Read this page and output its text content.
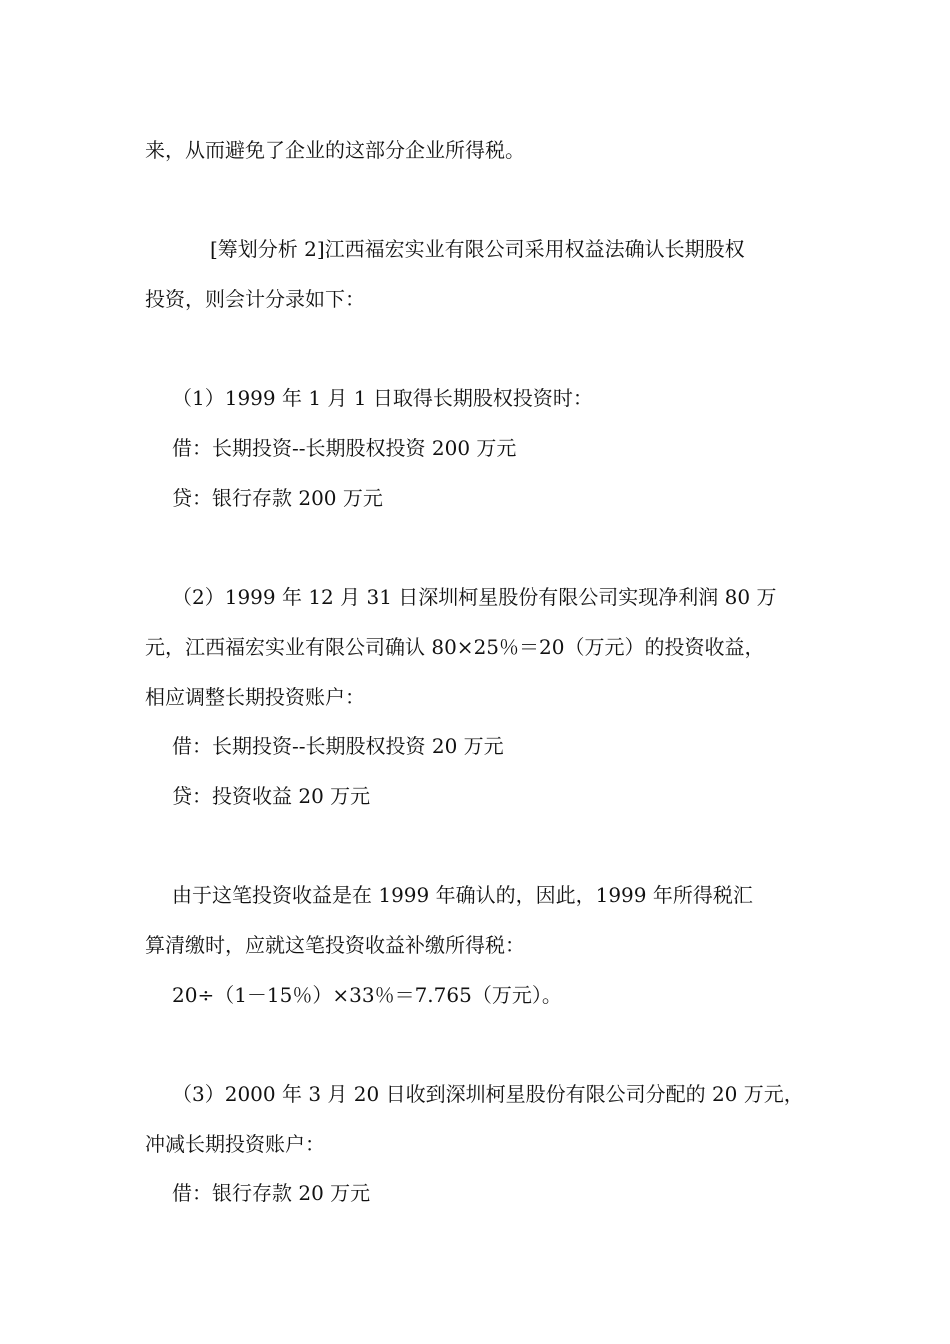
来，从而避免了企业的这部分企业所得税。
[筹划分析 2]江西福宏实业有限公司采用权益法确认长期股权
投资，则会计分录如下：
（1）1999 年 1 月 1 日取得长期股权投资时：
借：长期投资--长期股权投资 200 万元
贷：银行存款 200 万元
（2）1999 年 12 月 31 日深圳柯星股份有限公司实现净利润 80 万
元，江西福宏实业有限公司确认 80×25％＝20（万元）的投资收益，
相应调整长期投资账户：
借：长期投资--长期股权投资 20 万元
贷：投资收益 20 万元
由于这笔投资收益是在 1999 年确认的，因此，1999 年所得税汇
算清缴时，应就这笔投资收益补缴所得税：
20÷（1－15％）×33％＝7.765（万元）。
（3）2000 年 3 月 20 日收到深圳柯星股份有限公司分配的 20 万元，
冲减长期投资账户：
借：银行存款 20 万元
